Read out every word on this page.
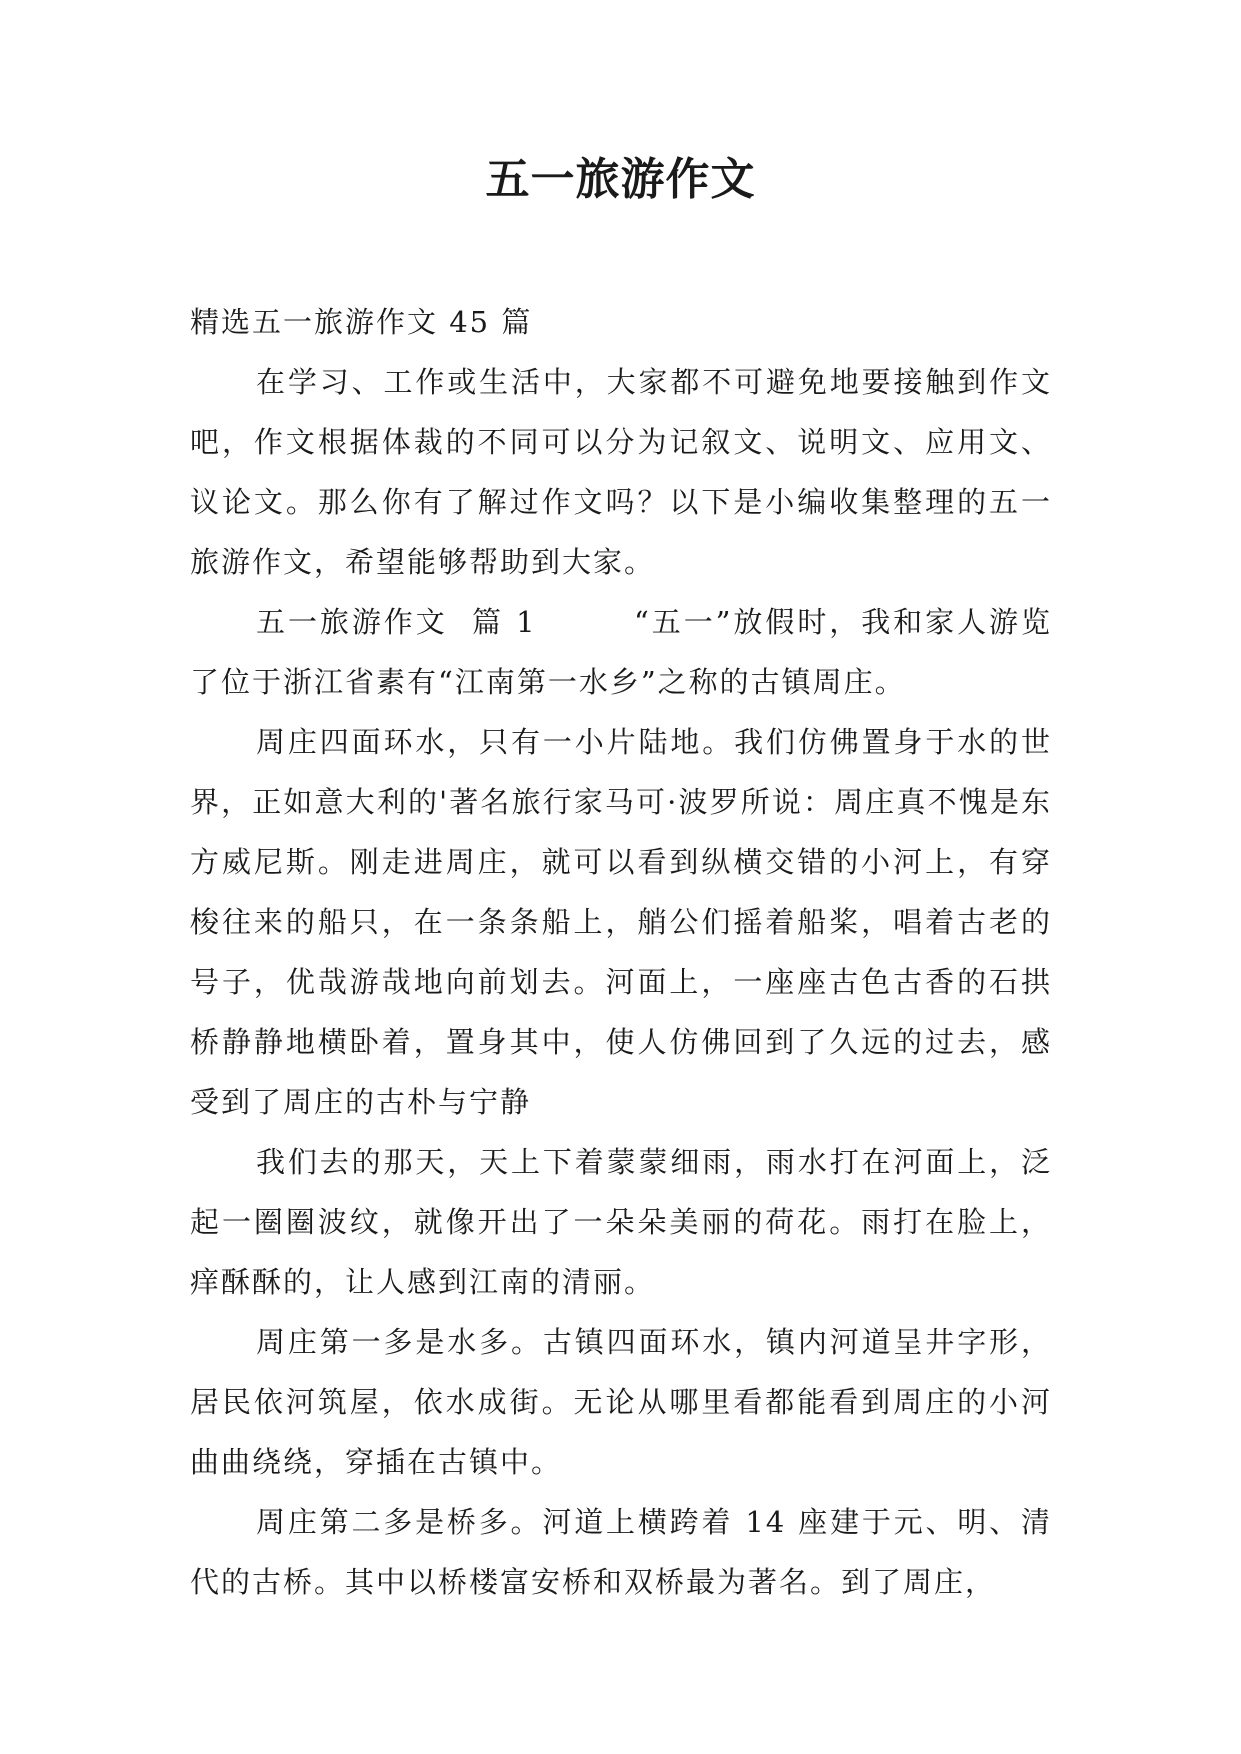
五一旅游作文

精选五一旅游作文 45 篇

在学习、工作或生活中，大家都不可避免地要接触到作文吧，作文根据体裁的不同可以分为记叙文、说明文、应用文、议论文。那么你有了解过作文吗？以下是小编收集整理的五一旅游作文，希望能够帮助到大家。

五一旅游作文  篇 1        “五一”放假时，我和家人游览了位于浙江省素有“江南第一水乡”之称的古镇周庄。

周庄四面环水，只有一小片陆地。我们仿佛置身于水的世界，正如意大利的'著名旅行家马可·波罗所说：周庄真不愧是东方威尼斯。刚走进周庄，就可以看到纵横交错的小河上，有穿梭往来的船只，在一条条船上，艄公们摇着船桨，唱着古老的号子，优哉游哉地向前划去。河面上，一座座古色古香的石拱桥静静地横卧着，置身其中，使人仿佛回到了久远的过去，感受到了周庄的古朴与宁静

我们去的那天，天上下着蒙蒙细雨，雨水打在河面上，泛起一圈圈波纹，就像开出了一朵朵美丽的荷花。雨打在脸上，痒酥酥的，让人感到江南的清丽。

周庄第一多是水多。古镇四面环水，镇内河道呈井字形，居民依河筑屋，依水成街。无论从哪里看都能看到周庄的小河曲曲绕绕，穿插在古镇中。

周庄第二多是桥多。河道上横跨着 14 座建于元、明、清代的古桥。其中以桥楼富安桥和双桥最为著名。到了周庄，
